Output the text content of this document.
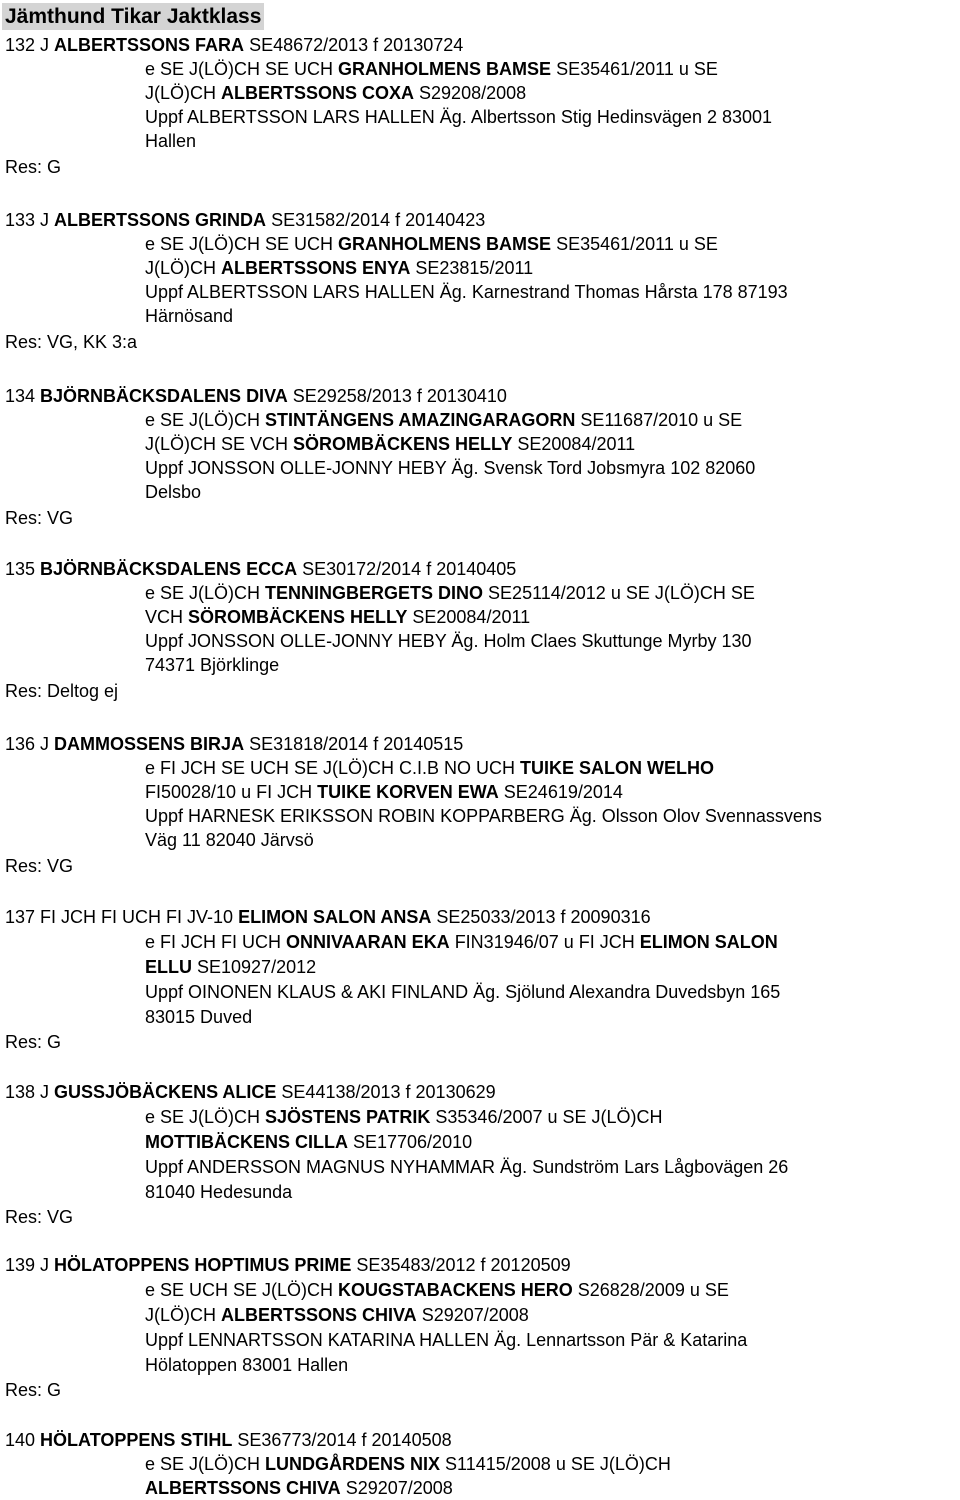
Jämthund Tikar Jaktklass
132 J ALBERTSSONS FARA SE48672/2013 f 20130724
e SE J(LÖ)CH SE UCH GRANHOLMENS BAMSE SE35461/2011 u SE
J(LÖ)CH ALBERTSSONS COXA S29208/2008
Uppf ALBERTSSON LARS HALLEN Äg. Albertsson Stig Hedinsvägen 2 83001
Hallen
Res: G
133 J ALBERTSSONS GRINDA SE31582/2014 f 20140423
e SE J(LÖ)CH SE UCH GRANHOLMENS BAMSE SE35461/2011 u SE
J(LÖ)CH ALBERTSSONS ENYA SE23815/2011
Uppf ALBERTSSON LARS HALLEN Äg. Karnestrand Thomas Hårsta 178 87193
Härnösand
Res: VG, KK 3:a
134 BJÖRNBÄCKSDALENS DIVA SE29258/2013 f 20130410
e SE J(LÖ)CH STINTÄNGENS AMAZINGARAGORN SE11687/2010 u SE
J(LÖ)CH SE VCH SÖROMBÄCKENS HELLY SE20084/2011
Uppf JONSSON OLLE-JONNY HEBY Äg. Svensk Tord Jobsmyra 102 82060
Delsbo
Res: VG
135 BJÖRNBÄCKSDALENS ECCA SE30172/2014 f 20140405
e SE J(LÖ)CH TENNINGBERGETS DINO SE25114/2012 u SE J(LÖ)CH SE
VCH SÖROMBÄCKENS HELLY SE20084/2011
Uppf JONSSON OLLE-JONNY HEBY Äg. Holm Claes Skuttunge Myrby 130
74371 Björklinge
Res: Deltog ej
136 J DAMMOSSENS BIRJA SE31818/2014 f 20140515
e FI JCH SE UCH SE J(LÖ)CH C.I.B NO UCH TUIKE SALON WELHO
FI50028/10 u FI JCH TUIKE KORVEN EWA SE24619/2014
Uppf HARNESK ERIKSSON ROBIN KOPPARBERG Äg. Olsson Olov Svennassvens
Väg 11 82040 Järvsö
Res: VG
137 FI JCH FI UCH FI JV-10 ELIMON SALON ANSA SE25033/2013 f 20090316
e FI JCH FI UCH ONNIVAARAN EKA FIN31946/07 u FI JCH ELIMON SALON
ELLU SE10927/2012
Uppf OINONEN KLAUS & AKI FINLAND Äg. Sjölund Alexandra Duvedsbyn 165
83015 Duved
Res: G
138 J GUSSJÖBÄCKENS ALICE SE44138/2013 f 20130629
e SE J(LÖ)CH SJÖSTENS PATRIK S35346/2007 u SE J(LÖ)CH
MOTTIBÄCKENS CILLA SE17706/2010
Uppf ANDERSSON MAGNUS NYHAMMAR Äg. Sundström Lars Lågbovägen 26
81040 Hedesunda
Res: VG
139 J HÖLATOPPENS HOPTIMUS PRIME SE35483/2012 f 20120509
e SE UCH SE J(LÖ)CH KOUGSTABACKENS HERO S26828/2009 u SE
J(LÖ)CH ALBERTSSONS CHIVA S29207/2008
Uppf LENNARTSSON KATARINA HALLEN Äg. Lennartsson Pär & Katarina
Hölatoppen 83001 Hallen
Res: G
140 HÖLATOPPENS STIHL SE36773/2014 f 20140508
e SE J(LÖ)CH LUNDGÅRDENS NIX S11415/2008 u SE J(LÖ)CH
ALBERTSSONS CHIVA S29207/2008
